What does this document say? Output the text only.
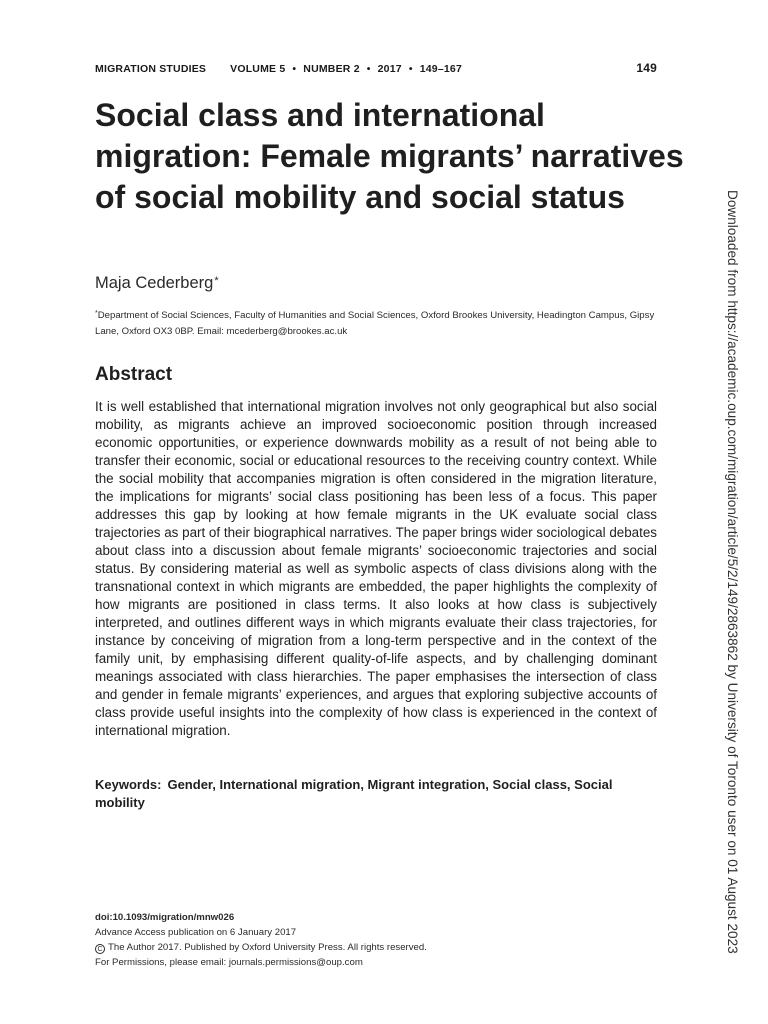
MIGRATION STUDIES VOLUME 5 • NUMBER 2 • 2017 • 149–167	149
Social class and international migration: Female migrants’ narratives of social mobility and social status
Maja Cederberg*
*Department of Social Sciences, Faculty of Humanities and Social Sciences, Oxford Brookes University, Headington Campus, Gipsy Lane, Oxford OX3 0BP. Email: mcederberg@brookes.ac.uk
Abstract

It is well established that international migration involves not only geographical but also social mobility, as migrants achieve an improved socioeconomic position through increased economic opportunities, or experience downwards mobility as a result of not being able to transfer their economic, social or educational resources to the receiving country context. While the social mobility that accompanies migration is often considered in the migration literature, the implications for migrants’ social class positioning has been less of a focus. This paper addresses this gap by looking at how female migrants in the UK evaluate social class trajectories as part of their biographical narratives. The paper brings wider sociological debates about class into a discussion about female migrants’ socioeconomic trajectories and social status. By considering material as well as symbolic aspects of class divisions along with the transnational context in which migrants are embedded, the paper highlights the complexity of how migrants are positioned in class terms. It also looks at how class is subjectively interpreted, and outlines different ways in which migrants evaluate their class trajectories, for instance by conceiving of migration from a long-term perspective and in the context of the family unit, by emphasising different quality-of-life aspects, and by challenging dominant meanings associated with class hierarchies. The paper emphasises the intersection of class and gender in female migrants’ experiences, and argues that exploring subjective accounts of class provide useful insights into the complexity of how class is experienced in the context of international migration.

Keywords: Gender, International migration, Migrant integration, Social class, Social mobility

doi:10.1093/migration/mnw026
Advance Access publication on 6 January 2017
C The Author 2017. Published by Oxford University Press. All rights reserved.
For Permissions, please email: journals.permissions@oup.com
Downloaded from https://academic.oup.com/migration/article/5/2/149/2863862 by University of Toronto user on 01 August 2023
